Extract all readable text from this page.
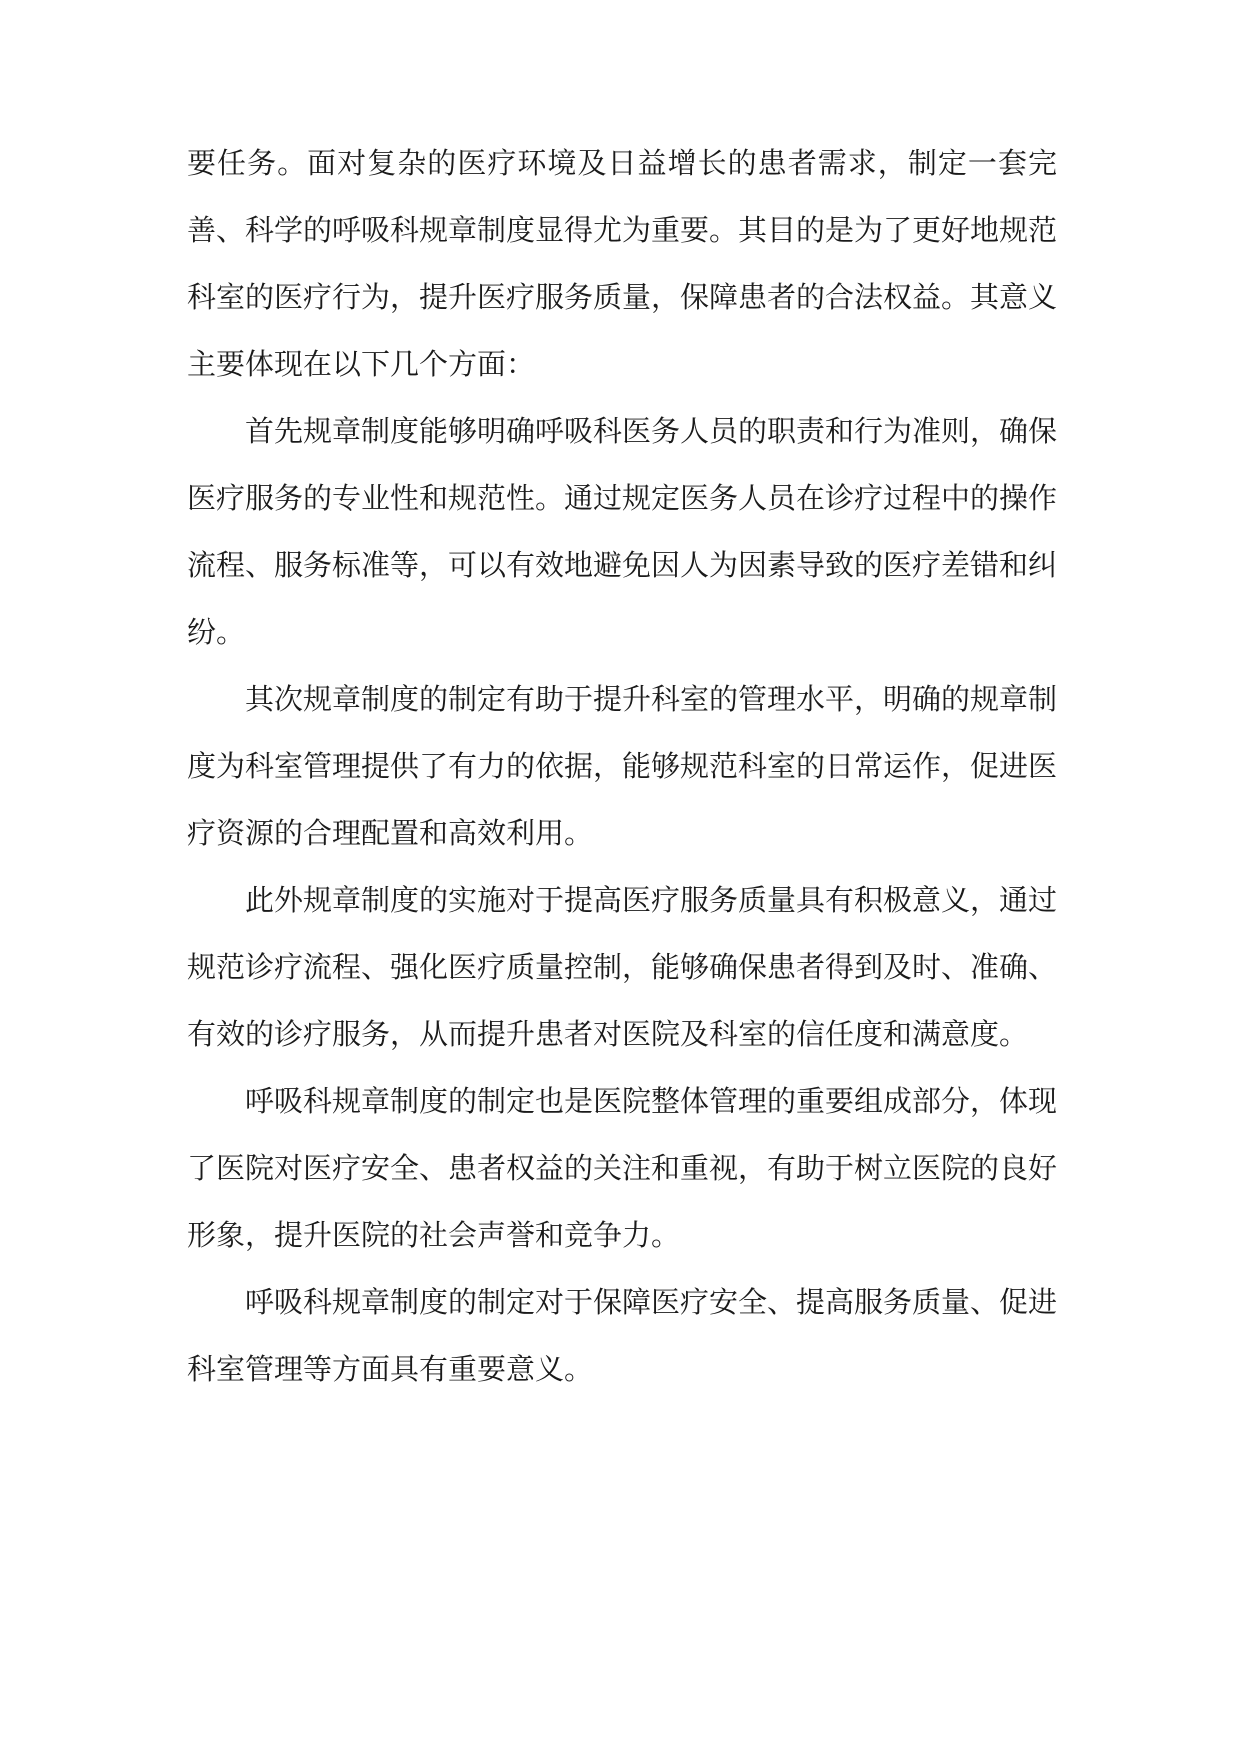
要任务。面对复杂的医疗环境及日益增长的患者需求，制定一套完善、科学的呼吸科规章制度显得尤为重要。其目的是为了更好地规范科室的医疗行为，提升医疗服务质量，保障患者的合法权益。其意义主要体现在以下几个方面：

首先规章制度能够明确呼吸科医务人员的职责和行为准则，确保医疗服务的专业性和规范性。通过规定医务人员在诊疗过程中的操作流程、服务标准等，可以有效地避免因人为因素导致的医疗差错和纠纷。

其次规章制度的制定有助于提升科室的管理水平，明确的规章制度为科室管理提供了有力的依据，能够规范科室的日常运作，促进医疗资源的合理配置和高效利用。

此外规章制度的实施对于提高医疗服务质量具有积极意义，通过规范诊疗流程、强化医疗质量控制，能够确保患者得到及时、准确、有效的诊疗服务，从而提升患者对医院及科室的信任度和满意度。

呼吸科规章制度的制定也是医院整体管理的重要组成部分，体现了医院对医疗安全、患者权益的关注和重视，有助于树立医院的良好形象，提升医院的社会声誉和竞争力。

呼吸科规章制度的制定对于保障医疗安全、提高服务质量、促进科室管理等方面具有重要意义。
